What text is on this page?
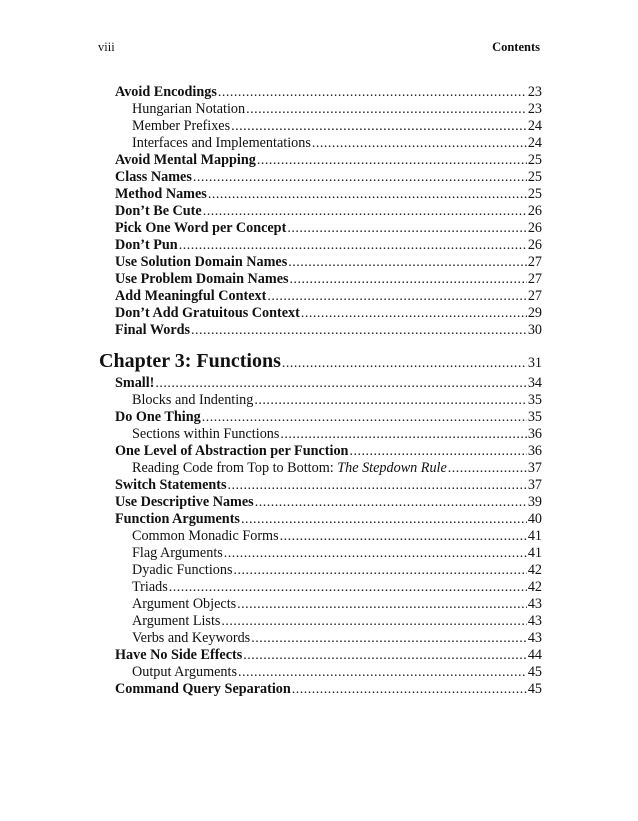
viii	Contents
Avoid Encodings .....	23
Hungarian Notation .....	23
Member Prefixes .....	24
Interfaces and Implementations .....	24
Avoid Mental Mapping .....	25
Class Names .....	25
Method Names .....	25
Don’t Be Cute .....	26
Pick One Word per Concept .....	26
Don’t Pun .....	26
Use Solution Domain Names .....	27
Use Problem Domain Names .....	27
Add Meaningful Context .....	27
Don’t Add Gratuitous Context .....	29
Final Words .....	30
Chapter 3: Functions .....	31
Small! .....	34
Blocks and Indenting .....	35
Do One Thing .....	35
Sections within Functions .....	36
One Level of Abstraction per Function .....	36
Reading Code from Top to Bottom: The Stepdown Rule .....	37
Switch Statements .....	37
Use Descriptive Names .....	39
Function Arguments .....	40
Common Monadic Forms .....	41
Flag Arguments .....	41
Dyadic Functions .....	42
Triads .....	42
Argument Objects .....	43
Argument Lists .....	43
Verbs and Keywords .....	43
Have No Side Effects .....	44
Output Arguments .....	45
Command Query Separation .....	45
